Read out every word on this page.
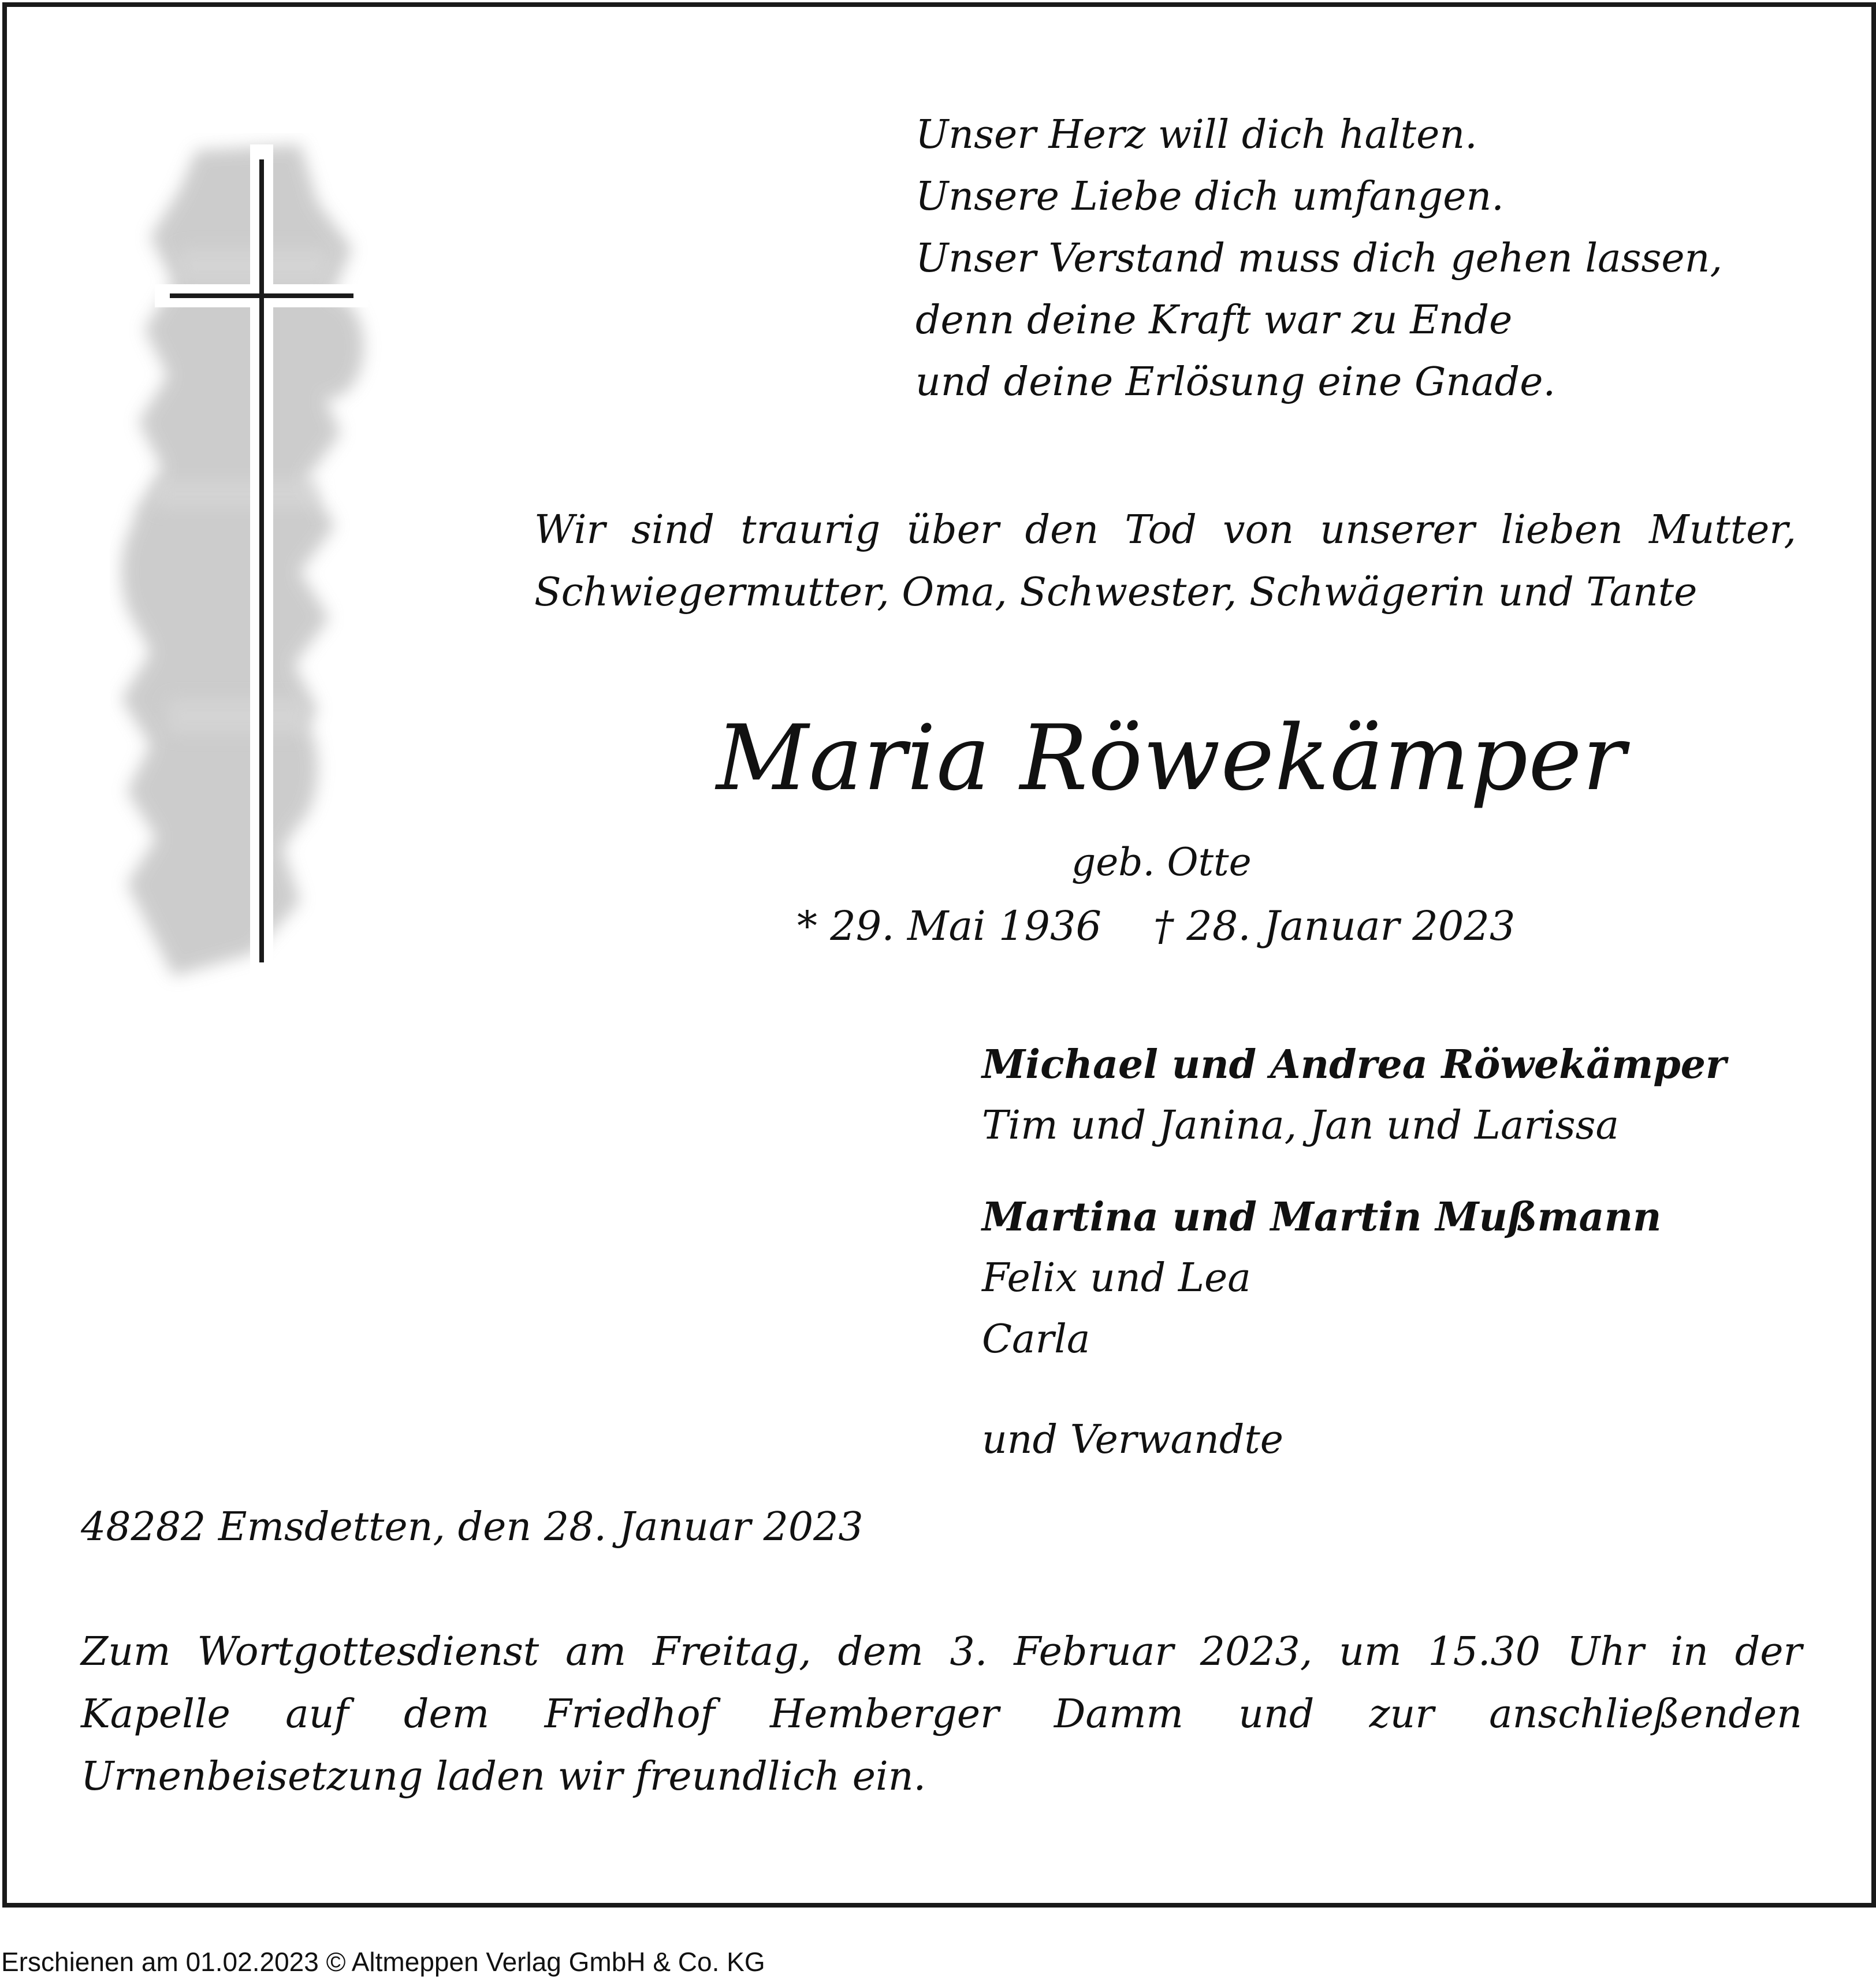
Unser Herz will dich halten.
Unsere Liebe dich umfangen.
Unser Verstand muss dich gehen lassen,
denn deine Kraft war zu Ende
und deine Erlösung eine Gnade.
Wir sind traurig über den Tod von unserer lieben Mutter,
Schwiegermutter, Oma, Schwester, Schwägerin und Tante
Maria Röwekämper
geb. Otte
* 29. Mai 1936 † 28. Januar 2023
Michael und Andrea Röwekämper
Tim und Janina, Jan und Larissa
Martina und Martin Mußmann
Felix und Lea
Carla
und Verwandte
48282 Emsdetten, den 28. Januar 2023
Zum Wortgottesdienst am Freitag, dem 3. Februar 2023, um 15.30 Uhr in der
Kapelle auf dem Friedhof Hemberger Damm und zur anschließenden
Urnenbeisetzung laden wir freundlich ein.
Erschienen am 01.02.2023 © Altmeppen Verlag GmbH & Co. KG
